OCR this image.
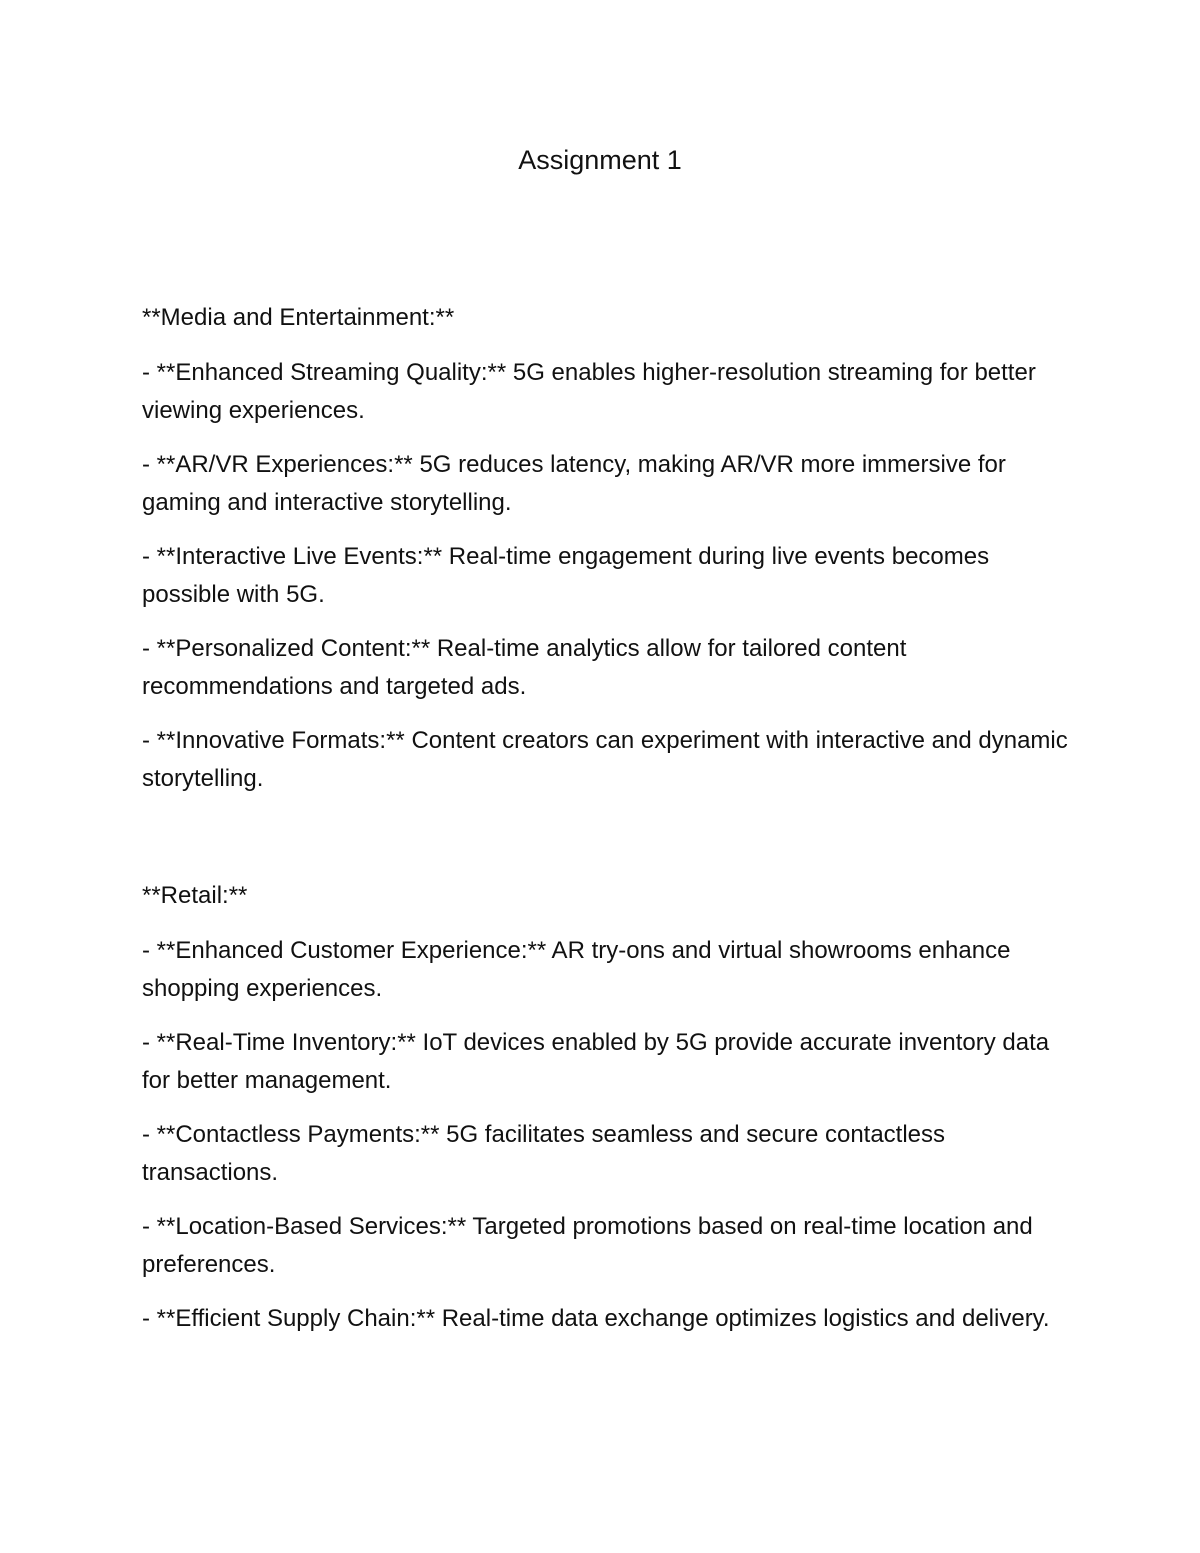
Assignment 1

**Media and Entertainment:**

- **Enhanced Streaming Quality:** 5G enables higher-resolution streaming for better viewing experiences.

- **AR/VR Experiences:** 5G reduces latency, making AR/VR more immersive for gaming and interactive storytelling.

- **Interactive Live Events:** Real-time engagement during live events becomes possible with 5G.

- **Personalized Content:** Real-time analytics allow for tailored content recommendations and targeted ads.

- **Innovative Formats:** Content creators can experiment with interactive and dynamic storytelling.

**Retail:**

- **Enhanced Customer Experience:** AR try-ons and virtual showrooms enhance shopping experiences.

- **Real-Time Inventory:** IoT devices enabled by 5G provide accurate inventory data for better management.

- **Contactless Payments:** 5G facilitates seamless and secure contactless transactions.

- **Location-Based Services:** Targeted promotions based on real-time location and preferences.

- **Efficient Supply Chain:** Real-time data exchange optimizes logistics and delivery.
